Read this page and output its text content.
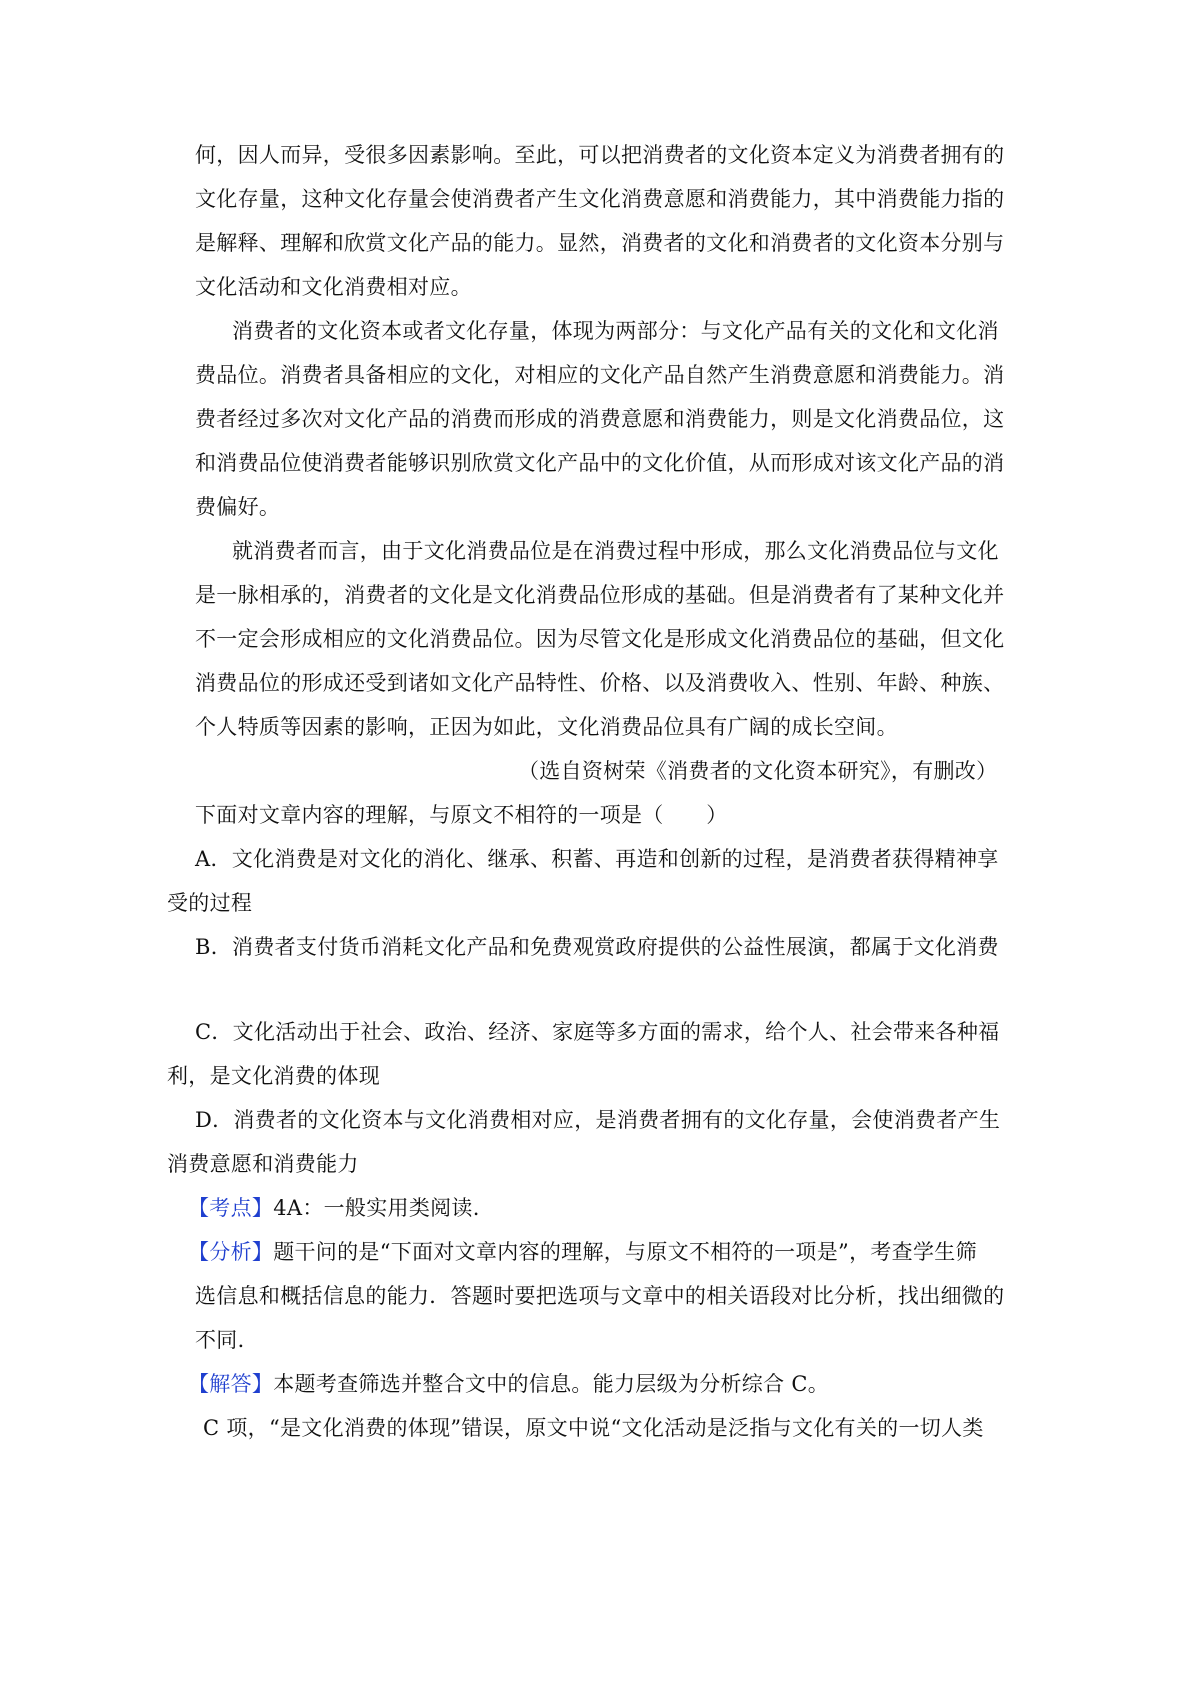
何，因人而异，受很多因素影响。至此，可以把消费者的文化资本定义为消费者拥有的
文化存量，这种文化存量会使消费者产生文化消费意愿和消费能力，其中消费能力指的
是解释、理解和欣赏文化产品的能力。显然，消费者的文化和消费者的文化资本分别与
文化活动和文化消费相对应。
消费者的文化资本或者文化存量，体现为两部分：与文化产品有关的文化和文化消
费品位。消费者具备相应的文化，对相应的文化产品自然产生消费意愿和消费能力。消
费者经过多次对文化产品的消费而形成的消费意愿和消费能力，则是文化消费品位，这
和消费品位使消费者能够识别欣赏文化产品中的文化价值，从而形成对该文化产品的消
费偏好。
就消费者而言，由于文化消费品位是在消费过程中形成，那么文化消费品位与文化
是一脉相承的，消费者的文化是文化消费品位形成的基础。但是消费者有了某种文化并
不一定会形成相应的文化消费品位。因为尽管文化是形成文化消费品位的基础，但文化
消费品位的形成还受到诸如文化产品特性、价格、以及消费收入、性别、年龄、种族、
个人特质等因素的影响，正因为如此，文化消费品位具有广阔的成长空间。
（选自资树荣《消费者的文化资本研究》，有删改）
下面对文章内容的理解，与原文不相符的一项是（　　）
A．文化消费是对文化的消化、继承、积蓄、再造和创新的过程，是消费者获得精神享
受的过程
B．消费者支付货币消耗文化产品和免费观赏政府提供的公益性展演，都属于文化消费
C．文化活动出于社会、政治、经济、家庭等多方面的需求，给个人、社会带来各种福
利，是文化消费的体现
D．消费者的文化资本与文化消费相对应，是消费者拥有的文化存量，会使消费者产生
消费意愿和消费能力
【考点】4A：一般实用类阅读.
【分析】题干问的是“下面对文章内容的理解，与原文不相符的一项是”，考查学生筛
选信息和概括信息的能力．答题时要把选项与文章中的相关语段对比分析，找出细微的
不同．
【解答】本题考查筛选并整合文中的信息。能力层级为分析综合 C。
C 项，“是文化消费的体现”错误，原文中说“文化活动是泛指与文化有关的一切人类
